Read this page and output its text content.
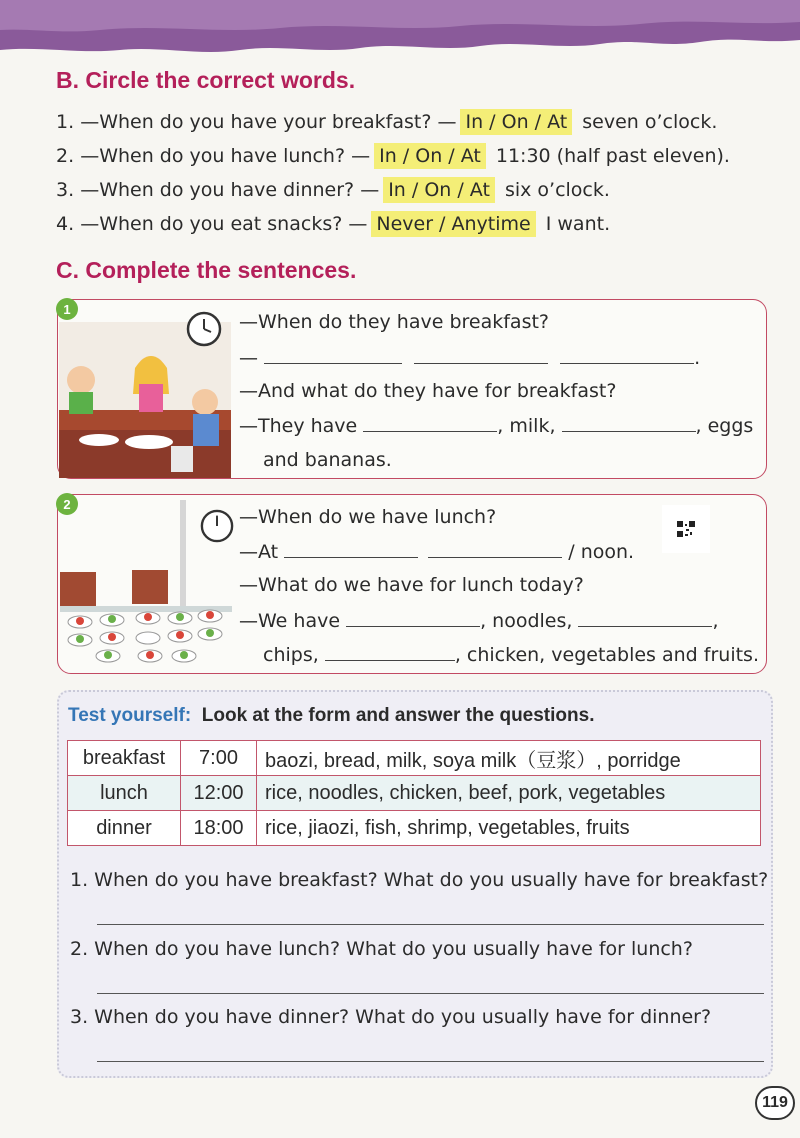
B. Circle the correct words.
1. —When do you have your breakfast? — In / On / At seven o’clock.
2. —When do you have lunch? — In / On / At 11:30 (half past eleven).
3. —When do you have dinner? — In / On / At six o’clock.
4. —When do you eat snacks? — Never / Anytime I want.
C. Complete the sentences.
1
—When do they have breakfast?
—	.
—And what do they have for breakfast?
—They have	, milk,	, eggs
and bananas.
2
—When do we have lunch?
—At	/ noon.
—What do we have for lunch today?
—We have	, noodles,	,
chips,	, chicken, vegetables and fruits.
Test yourself: Look at the form and answer the questions.
breakfast	7:00	baozi, bread, milk, soya milk（豆浆）, porridge
lunch	12:00	rice, noodles, chicken, beef, pork, vegetables
dinner	18:00	rice, jiaozi, fish, shrimp, vegetables, fruits
1. When do you have breakfast? What do you usually have for breakfast?
2. When do you have lunch? What do you usually have for lunch?
3. When do you have dinner? What do you usually have for dinner?
119
